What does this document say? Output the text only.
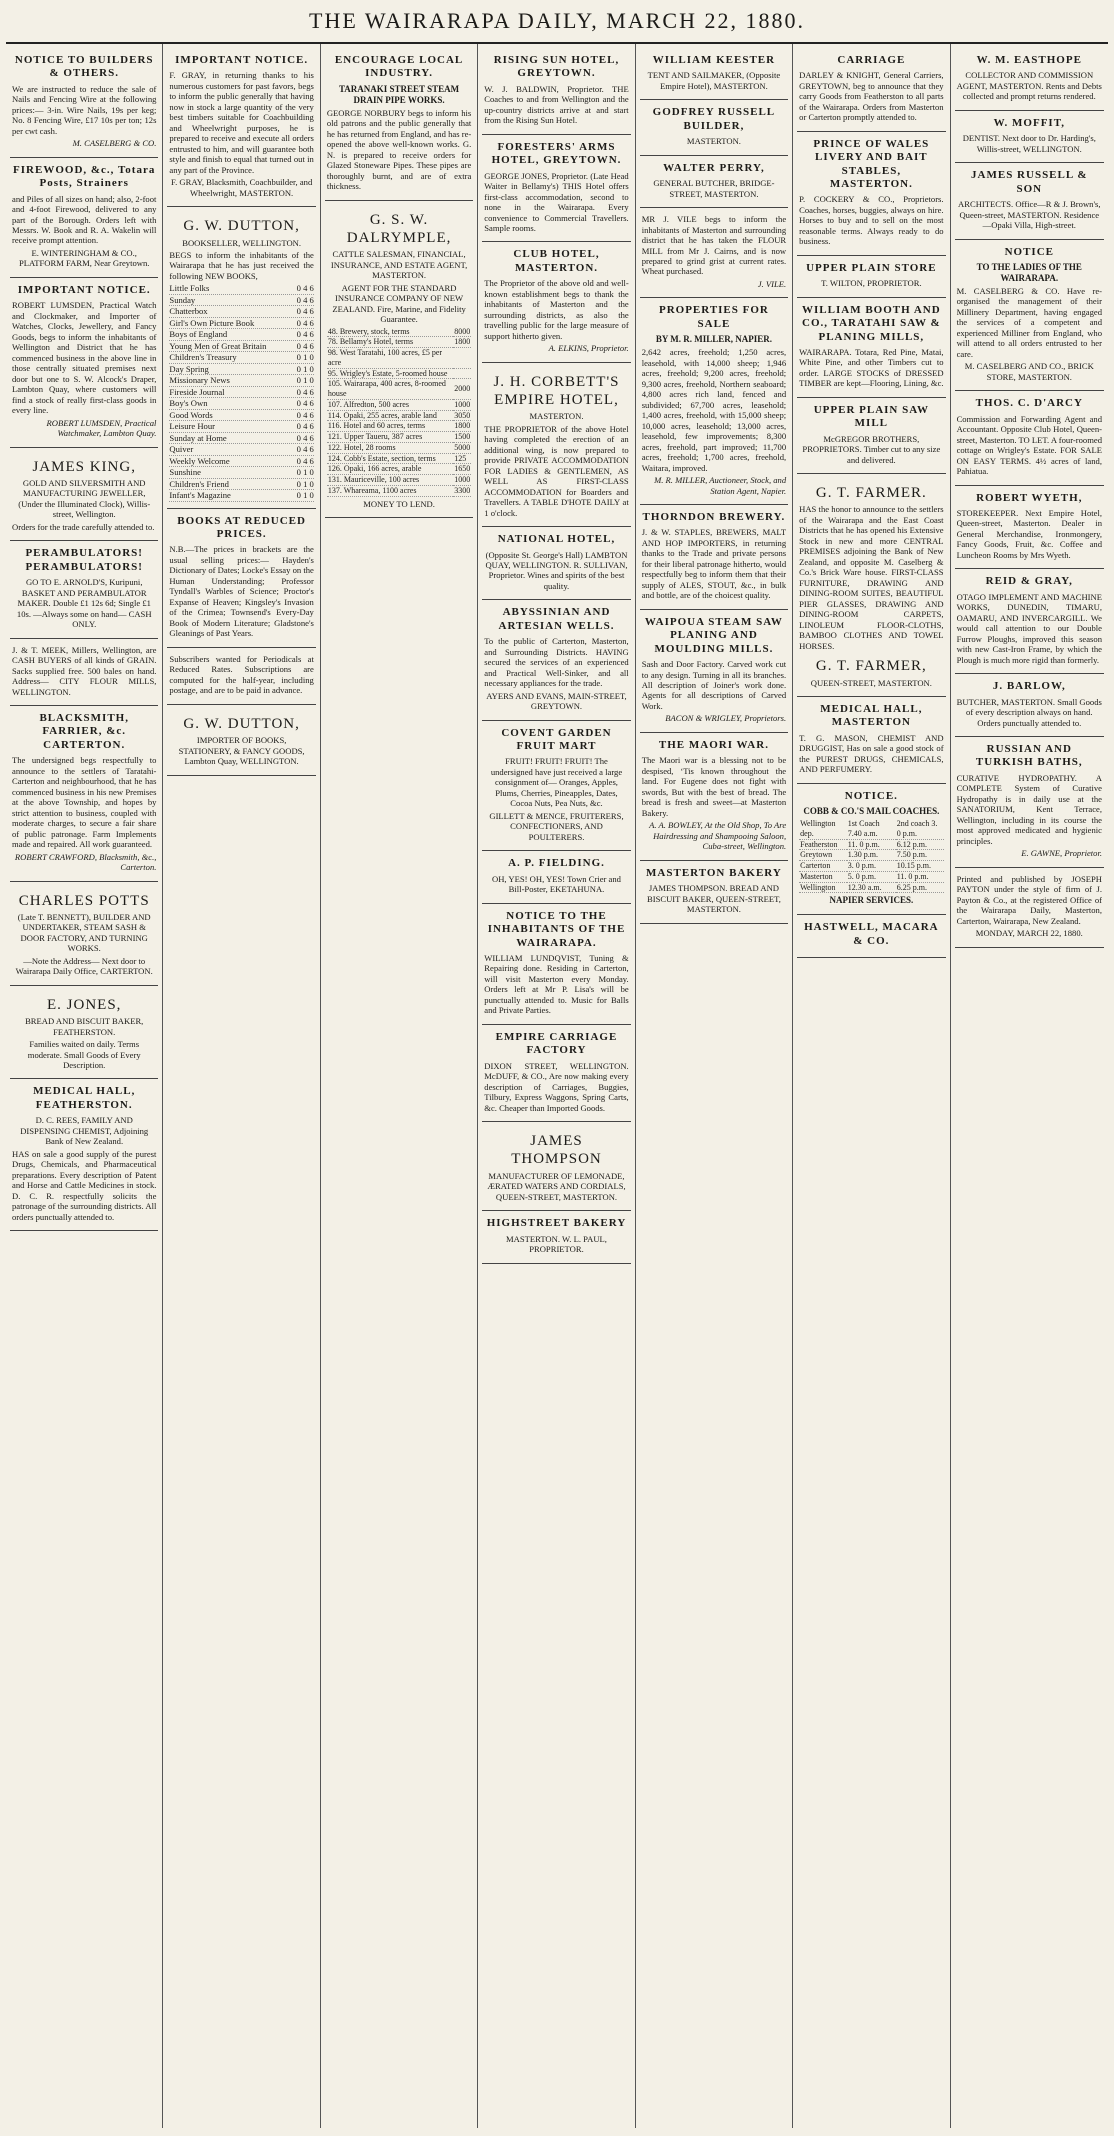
THE WAIRARAPA DAILY, MARCH 22, 1880.
NOTICE TO BUILDERS & OTHERS.

We are instructed to reduce the sale of Nails and Fencing Wire at the following prices:— 3-in. Wire Nails, 19s per keg; No. 8 Fencing Wire, £17 10s per ton; 12s per cwt cash.

M. CASELBERG & CO.

FIREWOOD, &c., Totara Posts, Strainers

and Piles of all sizes on hand; also, 2-foot and 4-foot Firewood, delivered to any part of the Borough. Orders left with Messrs. W. Book and R. A. Wakelin will receive prompt attention.

E. WINTERINGHAM & CO., PLATFORM FARM, Near Greytown.

IMPORTANT NOTICE.

ROBERT LUMSDEN, Practical Watch and Clockmaker, and Importer of Watches, Clocks, Jewellery, and Fancy Goods, begs to inform the inhabitants of Wellington and District that he has commenced business in the above line in those centrally situated premises next door but one to S. W. Alcock's Draper, Lambton Quay, where customers will find a stock of really first-class goods in every line.

ROBERT LUMSDEN, Practical Watchmaker, Lambton Quay.

JAMES KING,

GOLD AND SILVERSMITH AND MANUFACTURING JEWELLER, (Under the Illuminated Clock), Willis-street, Wellington.

Orders for the trade carefully attended to.

PERAMBULATORS! PERAMBULATORS!

GO TO E. ARNOLD'S, Kuripuni, BASKET AND PERAMBULATOR MAKER. Double £1 12s 6d; Single £1 10s. —Always some on hand— CASH ONLY.

J. & T. MEEK, Millers, Wellington, are CASH BUYERS of all kinds of GRAIN. Sacks supplied free. 500 bales on hand. Address— CITY FLOUR MILLS, WELLINGTON.

BLACKSMITH, FARRIER, &c. CARTERTON.

The undersigned begs respectfully to announce to the settlers of Taratahi-Carterton and neighbourhood, that he has commenced business in his new Premises at the above Township, and hopes by strict attention to business, coupled with moderate charges, to secure a fair share of public patronage. Farm Implements made and repaired. All work guaranteed.

ROBERT CRAWFORD, Blacksmith, &c., Carterton.

CHARLES POTTS

(Late T. BENNETT), BUILDER AND UNDERTAKER, STEAM SASH & DOOR FACTORY, AND TURNING WORKS.

—Note the Address— Next door to Wairarapa Daily Office, CARTERTON.

E. JONES,

BREAD AND BISCUIT BAKER, FEATHERSTON.

Families waited on daily. Terms moderate. Small Goods of Every Description.

MEDICAL HALL, FEATHERSTON.

D. C. REES, FAMILY AND DISPENSING CHEMIST, Adjoining Bank of New Zealand.

HAS on sale a good supply of the purest Drugs, Chemicals, and Pharmaceutical preparations. Every description of Patent and Horse and Cattle Medicines in stock. D. C. R. respectfully solicits the patronage of the surrounding districts. All orders punctually attended to.

IMPORTANT NOTICE.

F. GRAY, in returning thanks to his numerous customers for past favors, begs to inform the public generally that having now in stock a large quantity of the very best timbers suitable for Coachbuilding and Wheelwright purposes, he is prepared to receive and execute all orders entrusted to him, and will guarantee both style and finish to equal that turned out in any part of the Province.

F. GRAY, Blacksmith, Coachbuilder, and Wheelwright, MASTERTON.

G. W. DUTTON,

BOOKSELLER, WELLINGTON.

BEGS to inform the inhabitants of the Wairarapa that he has just received the following NEW BOOKS,

Little Folks	0 4 6
Sunday	0 4 6
Chatterbox	0 4 6
Girl's Own Picture Book	0 4 6
Boys of England	0 4 6
Young Men of Great Britain	0 4 6
Children's Treasury	0 1 0
Day Spring	0 1 0
Missionary News	0 1 0
Fireside Journal	0 4 6
Boy's Own	0 4 6
Good Words	0 4 6
Leisure Hour	0 4 6
Sunday at Home	0 4 6
Quiver	0 4 6
Weekly Welcome	0 4 6
Sunshine	0 1 0
Children's Friend	0 1 0
Infant's Magazine	0 1 0
BOOKS AT REDUCED PRICES.

N.B.—The prices in brackets are the usual selling prices:— Hayden's Dictionary of Dates; Locke's Essay on the Human Understanding; Professor Tyndall's Warbles of Science; Proctor's Expanse of Heaven; Kingsley's Invasion of the Crimea; Townsend's Every-Day Book of Modern Literature; Gladstone's Gleanings of Past Years.

Subscribers wanted for Periodicals at Reduced Rates. Subscriptions are computed for the half-year, including postage, and are to be paid in advance.

G. W. DUTTON,

IMPORTER OF BOOKS, STATIONERY, & FANCY GOODS, Lambton Quay, WELLINGTON.

ENCOURAGE LOCAL INDUSTRY.
TARANAKI STREET STEAM DRAIN PIPE WORKS.

GEORGE NORBURY begs to inform his old patrons and the public generally that he has returned from England, and has re-opened the above well-known works. G. N. is prepared to receive orders for Glazed Stoneware Pipes. These pipes are thoroughly burnt, and are of extra thickness.

G. S. W. DALRYMPLE,

CATTLE SALESMAN, FINANCIAL, INSURANCE, AND ESTATE AGENT, MASTERTON.

AGENT FOR THE STANDARD INSURANCE COMPANY OF NEW ZEALAND. Fire, Marine, and Fidelity Guarantee.

48. Brewery, stock, terms	8000
78. Bellamy's Hotel, terms	1800
98. West Taratahi, 100 acres, £5 per acre	
95. Wrigley's Estate, 5-roomed house	
105. Wairarapa, 400 acres, 8-roomed house	2000
107. Alfredton, 500 acres	1000
114. Opaki, 255 acres, arable land	3050
116. Hotel and 60 acres, terms	1800
121. Upper Taueru, 387 acres	1500
122. Hotel, 28 rooms	5000
124. Cobb's Estate, section, terms	125
126. Opaki, 166 acres, arable	1650
131. Mauriceville, 100 acres	1000
137. Whareama, 1100 acres	3300

MONEY TO LEND.

RISING SUN HOTEL, GREYTOWN.

W. J. BALDWIN, Proprietor. THE Coaches to and from Wellington and the up-country districts arrive at and start from the Rising Sun Hotel.

FORESTERS' ARMS HOTEL, GREYTOWN.

GEORGE JONES, Proprietor. (Late Head Waiter in Bellamy's) THIS Hotel offers first-class accommodation, second to none in the Wairarapa. Every convenience to Commercial Travellers. Sample rooms.

CLUB HOTEL, MASTERTON.

The Proprietor of the above old and well-known establishment begs to thank the inhabitants of Masterton and the surrounding districts, as also the travelling public for the large measure of support hitherto given.

A. ELKINS, Proprietor.

J. H. CORBETT'S EMPIRE HOTEL,

MASTERTON.

THE PROPRIETOR of the above Hotel having completed the erection of an additional wing, is now prepared to provide PRIVATE ACCOMMODATION FOR LADIES & GENTLEMEN, AS WELL AS FIRST-CLASS ACCOMMODATION for Boarders and Travellers. A TABLE D'HOTE DAILY at 1 o'clock.

NATIONAL HOTEL,

(Opposite St. George's Hall) LAMBTON QUAY, WELLINGTON. R. SULLIVAN, Proprietor. Wines and spirits of the best quality.

ABYSSINIAN AND ARTESIAN WELLS.

To the public of Carterton, Masterton, and Surrounding Districts. HAVING secured the services of an experienced and Practical Well-Sinker, and all necessary appliances for the trade.

AYERS AND EVANS, MAIN-STREET, GREYTOWN.

COVENT GARDEN FRUIT MART

FRUIT! FRUIT! FRUIT! The undersigned have just received a large consignment of— Oranges, Apples, Plums, Cherries, Pineapples, Dates, Cocoa Nuts, Pea Nuts, &c.

GILLETT & MENCE, FRUITERERS, CONFECTIONERS, AND POULTERERS.

A. P. FIELDING.

OH, YES! OH, YES! Town Crier and Bill-Poster, EKETAHUNA.

NOTICE TO THE INHABITANTS OF THE WAIRARAPA.

WILLIAM LUNDQVIST, Tuning & Repairing done. Residing in Carterton, will visit Masterton every Monday. Orders left at Mr P. Lisa's will be punctually attended to. Music for Balls and Private Parties.

EMPIRE CARRIAGE FACTORY

DIXON STREET, WELLINGTON. McDUFF, & CO., Are now making every description of Carriages, Buggies, Tilbury, Express Waggons, Spring Carts, &c. Cheaper than Imported Goods.

JAMES THOMPSON

MANUFACTURER OF LEMONADE, ÆRATED WATERS AND CORDIALS, QUEEN-STREET, MASTERTON.

HIGHSTREET BAKERY

MASTERTON. W. L. PAUL, PROPRIETOR.

WILLIAM KEESTER

TENT AND SAILMAKER, (Opposite Empire Hotel), MASTERTON.

GODFREY RUSSELL BUILDER,

MASTERTON.

WALTER PERRY,

GENERAL BUTCHER, BRIDGE-STREET, MASTERTON.

MR J. VILE begs to inform the inhabitants of Masterton and surrounding district that he has taken the FLOUR MILL from Mr J. Cairns, and is now prepared to grind grist at current rates. Wheat purchased.

J. VILE.

PROPERTIES FOR SALE
BY M. R. MILLER, NAPIER.

2,642 acres, freehold; 1,250 acres, leasehold, with 14,000 sheep; 1,946 acres, freehold; 9,200 acres, freehold; 9,300 acres, freehold, Northern seaboard; 4,800 acres rich land, fenced and subdivided; 67,700 acres, leasehold; 1,400 acres, freehold, with 15,000 sheep; 10,000 acres, leasehold; 13,000 acres, leasehold, few improvements; 8,300 acres, freehold, part improved; 11,700 acres, freehold; 1,700 acres, freehold, Waitara, improved.

M. R. MILLER, Auctioneer, Stock, and Station Agent, Napier.

THORNDON BREWERY.

J. & W. STAPLES, BREWERS, MALT AND HOP IMPORTERS, in returning thanks to the Trade and private persons for their liberal patronage hitherto, would respectfully beg to inform them that their supply of ALES, STOUT, &c., in bulk and bottle, are of the choicest quality.

WAIPOUA STEAM SAW PLANING AND MOULDING MILLS.

Sash and Door Factory. Carved work cut to any design. Turning in all its branches. All description of Joiner's work done. Agents for all descriptions of Carved Work.

BACON & WRIGLEY, Proprietors.

THE MAORI WAR.

The Maori war is a blessing not to be despised, ‘Tis known throughout the land. For Eugene does not fight with swords, But with the best of bread. The bread is fresh and sweet—at Masterton Bakery.

A. A. BOWLEY, At the Old Shop, To Are Hairdressing and Shampooing Saloon, Cuba-street, Wellington.

MASTERTON BAKERY

JAMES THOMPSON. BREAD AND BISCUIT BAKER, QUEEN-STREET, MASTERTON.

CARRIAGE

DARLEY & KNIGHT, General Carriers, GREYTOWN, beg to announce that they carry Goods from Featherston to all parts of the Wairarapa. Orders from Masterton or Carterton promptly attended to.

PRINCE OF WALES LIVERY AND BAIT STABLES, MASTERTON.

P. COCKERY & CO., Proprietors. Coaches, horses, buggies, always on hire. Horses to buy and to sell on the most reasonable terms. Always ready to do business.

UPPER PLAIN STORE

T. WILTON, PROPRIETOR.

WILLIAM BOOTH AND CO., TARATAHI SAW & PLANING MILLS,

WAIRARAPA. Totara, Red Pine, Matai, White Pine, and other Timbers cut to order. LARGE STOCKS of DRESSED TIMBER are kept—Flooring, Lining, &c.

UPPER PLAIN SAW MILL

McGREGOR BROTHERS, PROPRIETORS. Timber cut to any size and delivered.

G. T. FARMER.

HAS the honor to announce to the settlers of the Wairarapa and the East Coast Districts that he has opened his Extensive Stock in new and more CENTRAL PREMISES adjoining the Bank of New Zealand, and opposite M. Caselberg & Co.'s Brick Ware house. FIRST-CLASS FURNITURE, DRAWING AND DINING-ROOM SUITES, BEAUTIFUL PIER GLASSES, DRAWING AND DINING-ROOM CARPETS, LINOLEUM FLOOR-CLOTHS, BAMBOO CLOTHES AND TOWEL HORSES.

G. T. FARMER,

QUEEN-STREET, MASTERTON.

MEDICAL HALL, MASTERTON

T. G. MASON, CHEMIST AND DRUGGIST, Has on sale a good stock of the PUREST DRUGS, CHEMICALS, AND PERFUMERY.

NOTICE.
COBB & CO.'S MAIL COACHES.
Wellington dep.	1st Coach 7.40 a.m.	2nd coach 3. 0 p.m.
Featherston	11. 0 p.m.	6.12 p.m.
Greytown	1.30 p.m.	7.50 p.m.
Carterton	3. 0 p.m.	10.15 p.m.
Masterton	5. 0 p.m.	11. 0 p.m.
Wellington	12.30 a.m.	6.25 p.m.
NAPIER SERVICES.
HASTWELL, MACARA & CO.
W. M. EASTHOPE

COLLECTOR AND COMMISSION AGENT, MASTERTON. Rents and Debts collected and prompt returns rendered.

W. MOFFIT,

DENTIST. Next door to Dr. Harding's, Willis-street, WELLINGTON.

JAMES RUSSELL & SON

ARCHITECTS. Office—R & J. Brown's, Queen-street, MASTERTON. Residence—Opaki Villa, High-street.

NOTICE
TO THE LADIES OF THE WAIRARAPA.

M. CASELBERG & CO. Have re-organised the management of their Millinery Department, having engaged the services of a competent and experienced Milliner from England, who will attend to all orders entrusted to her care.

M. CASELBERG AND CO., BRICK STORE, MASTERTON.

THOS. C. D'ARCY

Commission and Forwarding Agent and Accountant. Opposite Club Hotel, Queen-street, Masterton. TO LET. A four-roomed cottage on Wrigley's Estate. FOR SALE ON EASY TERMS. 4½ acres of land, Pahiatua.

ROBERT WYETH,

STOREKEEPER. Next Empire Hotel, Queen-street, Masterton. Dealer in General Merchandise, Ironmongery, Fancy Goods, Fruit, &c. Coffee and Luncheon Rooms by Mrs Wyeth.

REID & GRAY,

OTAGO IMPLEMENT AND MACHINE WORKS, DUNEDIN, TIMARU, OAMARU, AND INVERCARGILL. We would call attention to our Double Furrow Ploughs, improved this season with new Cast-Iron Frame, by which the Plough is much more rigid than formerly.

J. BARLOW,

BUTCHER, MASTERTON. Small Goods of every description always on hand. Orders punctually attended to.

RUSSIAN AND TURKISH BATHS,

CURATIVE HYDROPATHY. A COMPLETE System of Curative Hydropathy is in daily use at the SANATORIUM, Kent Terrace, Wellington, including in its course the most approved medicated and hygienic principles.

E. GAWNE, Proprietor.

Printed and published by JOSEPH PAYTON under the style of firm of J. Payton & Co., at the registered Office of the Wairarapa Daily, Masterton, Carterton, Wairarapa, New Zealand.

MONDAY, MARCH 22, 1880.
